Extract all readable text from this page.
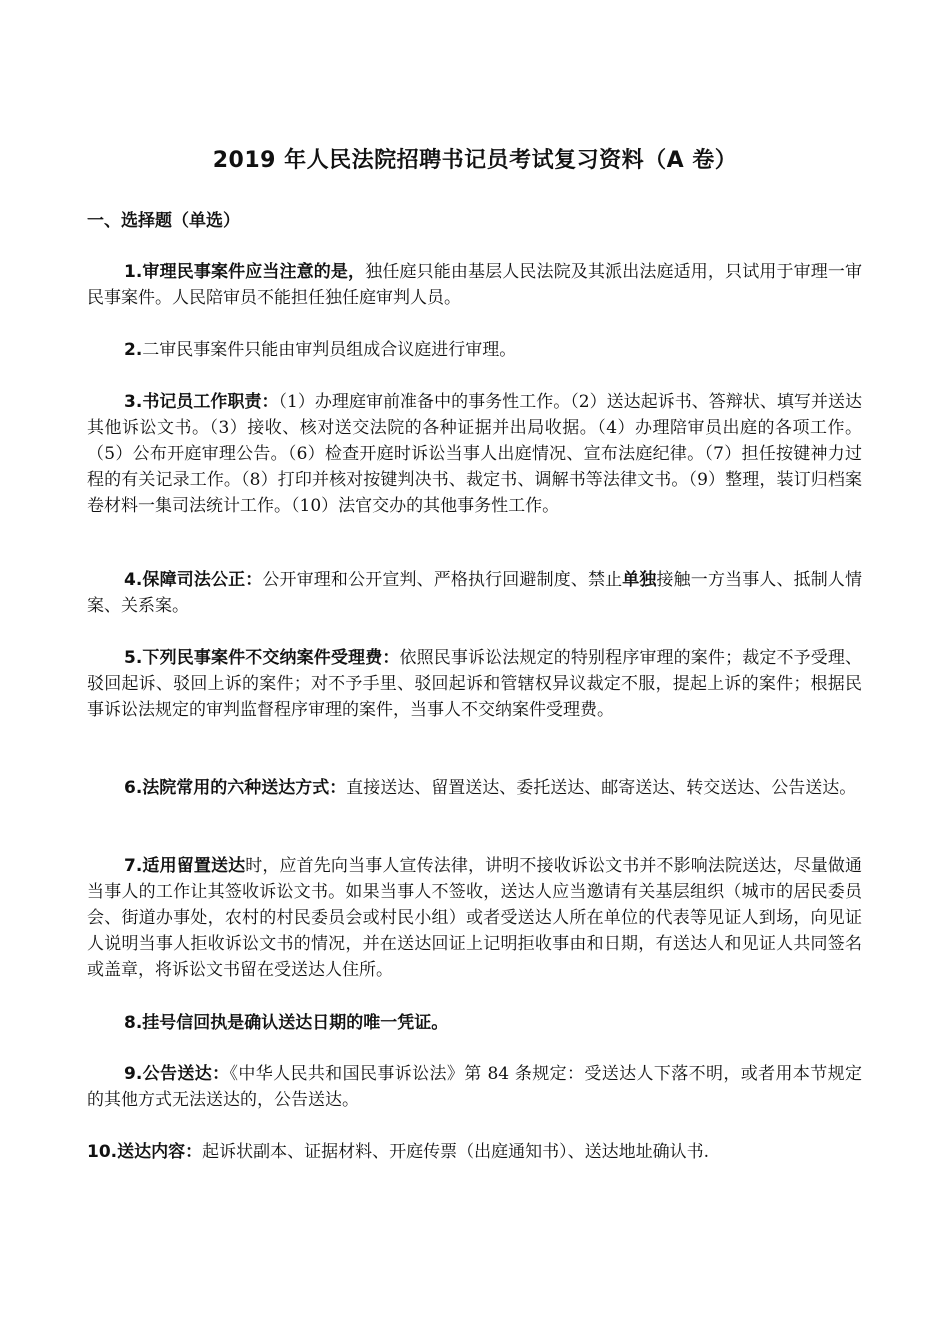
2019 年人民法院招聘书记员考试复习资料（A 卷）
一、选择题（单选）

1.审理民事案件应当注意的是，独任庭只能由基层人民法院及其派出法庭适用，只试用于审理一审民事案件。人民陪审员不能担任独任庭审判人员。

2.二审民事案件只能由审判员组成合议庭进行审理。

3.书记员工作职责：（1）办理庭审前准备中的事务性工作。（2）送达起诉书、答辩状、填写并送达其他诉讼文书。（3）接收、核对送交法院的各种证据并出局收据。（4）办理陪审员出庭的各项工作。（5）公布开庭审理公告。（6）检查开庭时诉讼当事人出庭情况、宣布法庭纪律。（7）担任按键神力过程的有关记录工作。（8）打印并核对按键判决书、裁定书、调解书等法律文书。（9）整理，装订归档案卷材料一集司法统计工作。（10）法官交办的其他事务性工作。

4.保障司法公正：公开审理和公开宣判、严格执行回避制度、禁止单独接触一方当事人、抵制人情案、关系案。

5.下列民事案件不交纳案件受理费：依照民事诉讼法规定的特别程序审理的案件；裁定不予受理、驳回起诉、驳回上诉的案件；对不予手里、驳回起诉和管辖权异议裁定不服，提起上诉的案件；根据民事诉讼法规定的审判监督程序审理的案件，当事人不交纳案件受理费。

6.法院常用的六种送达方式：直接送达、留置送达、委托送达、邮寄送达、转交送达、公告送达。

7.适用留置送达时，应首先向当事人宣传法律，讲明不接收诉讼文书并不影响法院送达，尽量做通当事人的工作让其签收诉讼文书。如果当事人不签收，送达人应当邀请有关基层组织（城市的居民委员会、街道办事处，农村的村民委员会或村民小组）或者受送达人所在单位的代表等见证人到场，向见证人说明当事人拒收诉讼文书的情况，并在送达回证上记明拒收事由和日期，有送达人和见证人共同签名或盖章，将诉讼文书留在受送达人住所。

8.挂号信回执是确认送达日期的唯一凭证。

9.公告送达：《中华人民共和国民事诉讼法》第 84 条规定：受送达人下落不明，或者用本节规定的其他方式无法送达的，公告送达。

10.送达内容：起诉状副本、证据材料、开庭传票（出庭通知书）、送达地址确认书.
